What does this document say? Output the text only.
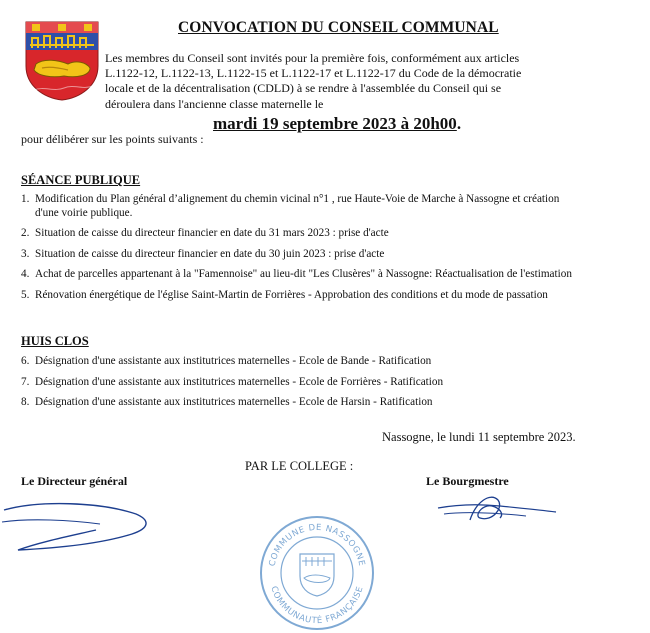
CONVOCATION DU CONSEIL COMMUNAL
Les membres du Conseil sont invités pour la première fois, conformément aux articles L.1122-12, L.1122-13, L.1122-15 et L.1122-17 et L.1122-17 du Code de la démocratie locale et de la décentralisation (CDLD) à se rendre à l'assemblée du Conseil qui se déroulera dans l'ancienne classe maternelle le
mardi 19 septembre 2023 à 20h00.
pour délibérer sur les points suivants :
SÉANCE PUBLIQUE
1. Modification du Plan général d’alignement du chemin vicinal n°1 , rue Haute-Voie de Marche à Nassogne et création d'une voirie publique.
2. Situation de caisse du directeur financier en date du 31 mars 2023 : prise d'acte
3. Situation de caisse du directeur financier en date du 30 juin 2023 : prise d'acte
4. Achat de parcelles appartenant à la "Famennoise" au lieu-dit "Les Clusères" à Nassogne: Réactualisation de l'estimation
5. Rénovation énergétique de l'église Saint-Martin de Forrières - Approbation des conditions et du mode de passation
HUIS CLOS
6. Désignation d'une assistante aux institutrices maternelles - Ecole de Bande - Ratification
7. Désignation d'une assistante aux institutrices maternelles - Ecole de Forrières - Ratification
8. Désignation d'une assistante aux institutrices maternelles - Ecole de Harsin - Ratification
Nassogne, le lundi 11 septembre 2023.
PAR LE COLLEGE :
Le Directeur général	Le Bourgmestre
COMMUNE DE NASSOGNE
COMMUNAUTÉ FRANÇAISE
